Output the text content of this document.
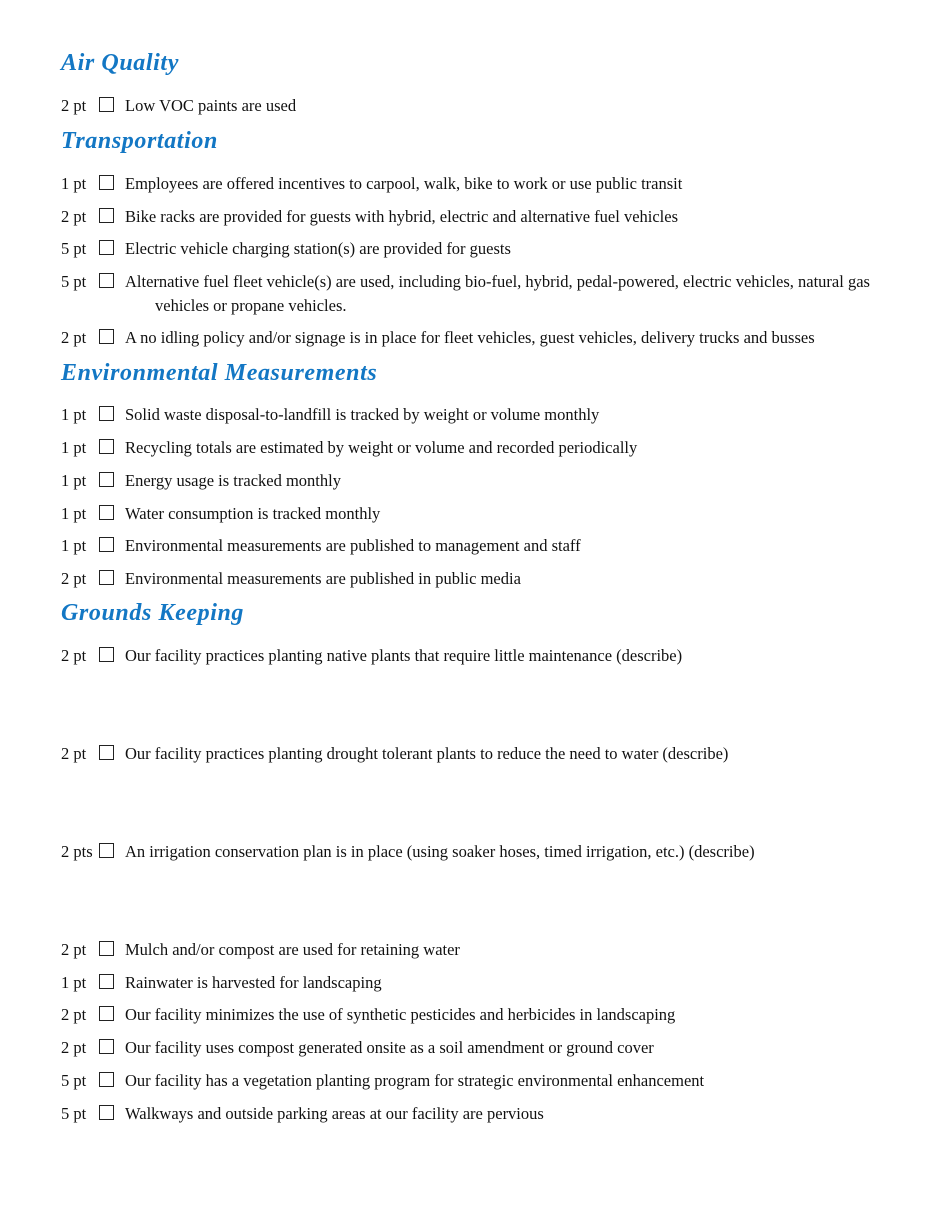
Air Quality
2 pt Low VOC paints are used
Transportation
1 pt Employees are offered incentives to carpool, walk, bike to work or use public transit
2 pt Bike racks are provided for guests with hybrid, electric and alternative fuel vehicles
5 pt Electric vehicle charging station(s) are provided for guests
5 pt Alternative fuel fleet vehicle(s) are used, including bio-fuel, hybrid, pedal-powered, electric vehicles, natural gas vehicles or propane vehicles.
2 pt A no idling policy and/or signage is in place for fleet vehicles, guest vehicles, delivery trucks and busses
Environmental Measurements
1 pt Solid waste disposal-to-landfill is tracked by weight or volume monthly
1 pt Recycling totals are estimated by weight or volume and recorded periodically
1 pt Energy usage is tracked monthly
1 pt Water consumption is tracked monthly
1 pt Environmental measurements are published to management and staff
2 pt Environmental measurements are published in public media
Grounds Keeping
2 pt Our facility practices planting native plants that require little maintenance (describe)
2 pt Our facility practices planting drought tolerant plants to reduce the need to water (describe)
2 pts An irrigation conservation plan is in place (using soaker hoses, timed irrigation, etc.) (describe)
2 pt Mulch and/or compost are used for retaining water
1 pt Rainwater is harvested for landscaping
2 pt Our facility minimizes the use of synthetic pesticides and herbicides in landscaping
2 pt Our facility uses compost generated onsite as a soil amendment or ground cover
5 pt Our facility has a vegetation planting program for strategic environmental enhancement
5 pt Walkways and outside parking areas at our facility are pervious
